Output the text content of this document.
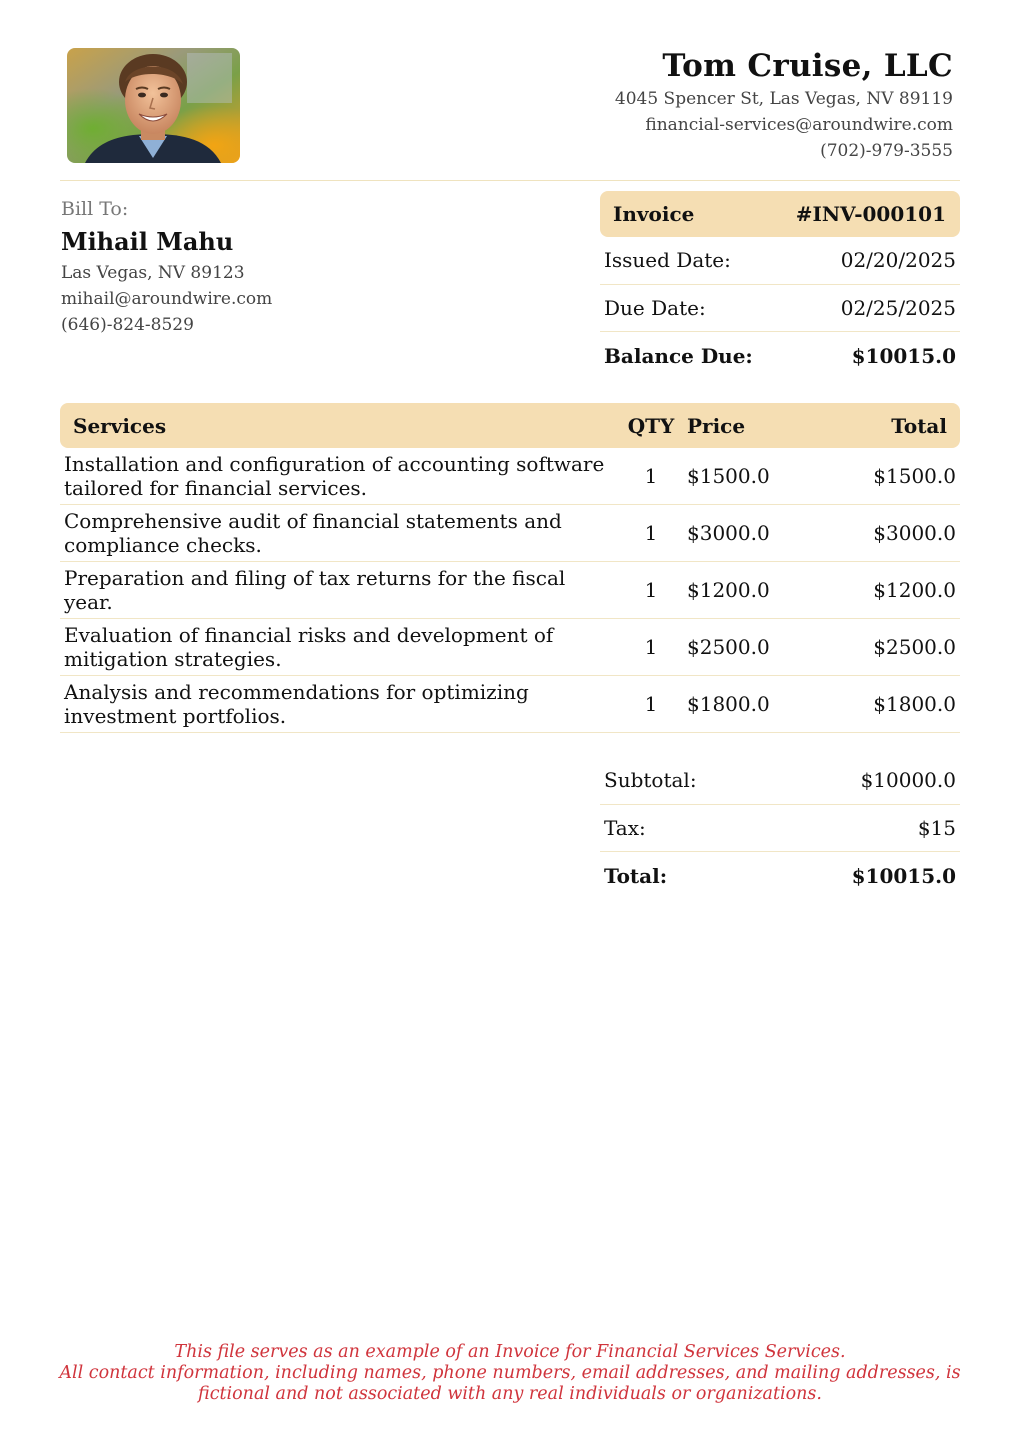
Tom Cruise, LLC
4045 Spencer St, Las Vegas, NV 89119
financial-services@aroundwire.com
(702)-979-3555
Bill To:
Mihail Mahu
Las Vegas, NV 89123
mihail@aroundwire.com
(646)-824-8529
Invoice	#INV-000101
Issued Date:	02/20/2025
Due Date:	02/25/2025
Balance Due:	$10015.0
Services	QTY Price	Total
Installation and configuration of accounting software tailored for financial services.	1	$1500.0	$1500.0
Comprehensive audit of financial statements and compliance checks.	1	$3000.0	$3000.0
Preparation and filing of tax returns for the fiscal year.	1	$1200.0	$1200.0
Evaluation of financial risks and development of mitigation strategies.	1	$2500.0	$2500.0
Analysis and recommendations for optimizing investment portfolios.	1	$1800.0	$1800.0
Subtotal:	$10000.0
Tax:	$15
Total:	$10015.0
This file serves as an example of an Invoice for Financial Services Services.
All contact information, including names, phone numbers, email addresses, and mailing addresses, is
fictional and not associated with any real individuals or organizations.
